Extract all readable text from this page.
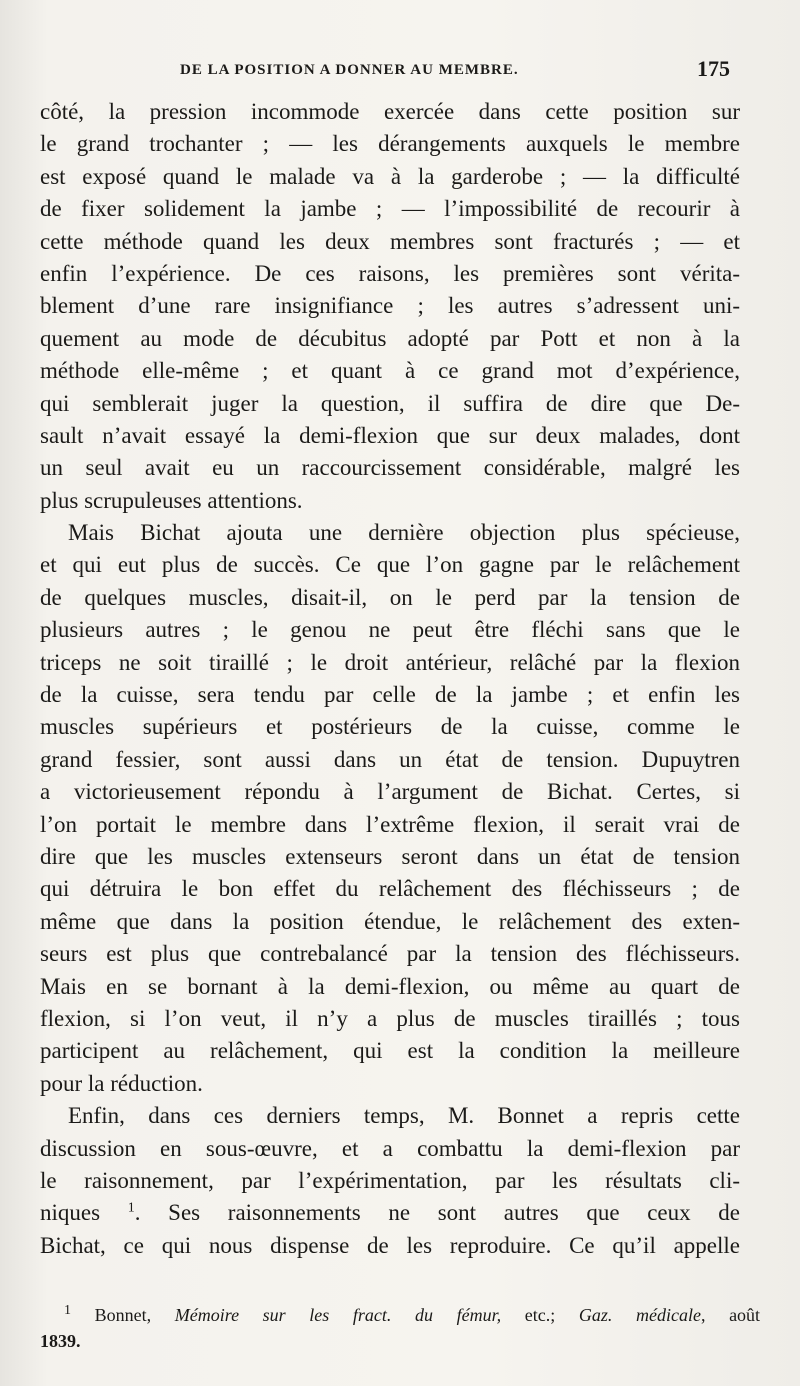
DE LA POSITION A DONNER AU MEMBRE.	175
côté, la pression incommode exercée dans cette position sur
le grand trochanter ; — les dérangements auxquels le membre
est exposé quand le malade va à la garderobe ; — la difficulté
de fixer solidement la jambe ; — l’impossibilité de recourir à
cette méthode quand les deux membres sont fracturés ; — et
enfin l’expérience. De ces raisons, les premières sont vérita-
blement d’une rare insignifiance ; les autres s’adressent uni-
quement au mode de décubitus adopté par Pott et non à la
méthode elle-même ; et quant à ce grand mot d’expérience,
qui semblerait juger la question, il suffira de dire que De-
sault n’avait essayé la demi-flexion que sur deux malades, dont
un seul avait eu un raccourcissement considérable, malgré les
plus scrupuleuses attentions.
Mais Bichat ajouta une dernière objection plus spécieuse,
et qui eut plus de succès. Ce que l’on gagne par le relâchement
de quelques muscles, disait-il, on le perd par la tension de
plusieurs autres ; le genou ne peut être fléchi sans que le
triceps ne soit tiraillé ; le droit antérieur, relâché par la flexion
de la cuisse, sera tendu par celle de la jambe ; et enfin les
muscles supérieurs et postérieurs de la cuisse, comme le
grand fessier, sont aussi dans un état de tension. Dupuytren
a victorieusement répondu à l’argument de Bichat. Certes, si
l’on portait le membre dans l’extrême flexion, il serait vrai de
dire que les muscles extenseurs seront dans un état de tension
qui détruira le bon effet du relâchement des fléchisseurs ; de
même que dans la position étendue, le relâchement des exten-
seurs est plus que contrebalancé par la tension des fléchisseurs.
Mais en se bornant à la demi-flexion, ou même au quart de
flexion, si l’on veut, il n’y a plus de muscles tiraillés ; tous
participent au relâchement, qui est la condition la meilleure
pour la réduction.
Enfin, dans ces derniers temps, M. Bonnet a repris cette
discussion en sous-œuvre, et a combattu la demi-flexion par
le raisonnement, par l’expérimentation, par les résultats cli-
niques $^1$. Ses raisonnements ne sont autres que ceux de
Bichat, ce qui nous dispense de les reproduire. Ce qu’il appelle
$^1$ Bonnet, Mémoire sur les fract. du fémur, etc.; Gaz. médicale, août
1839.
